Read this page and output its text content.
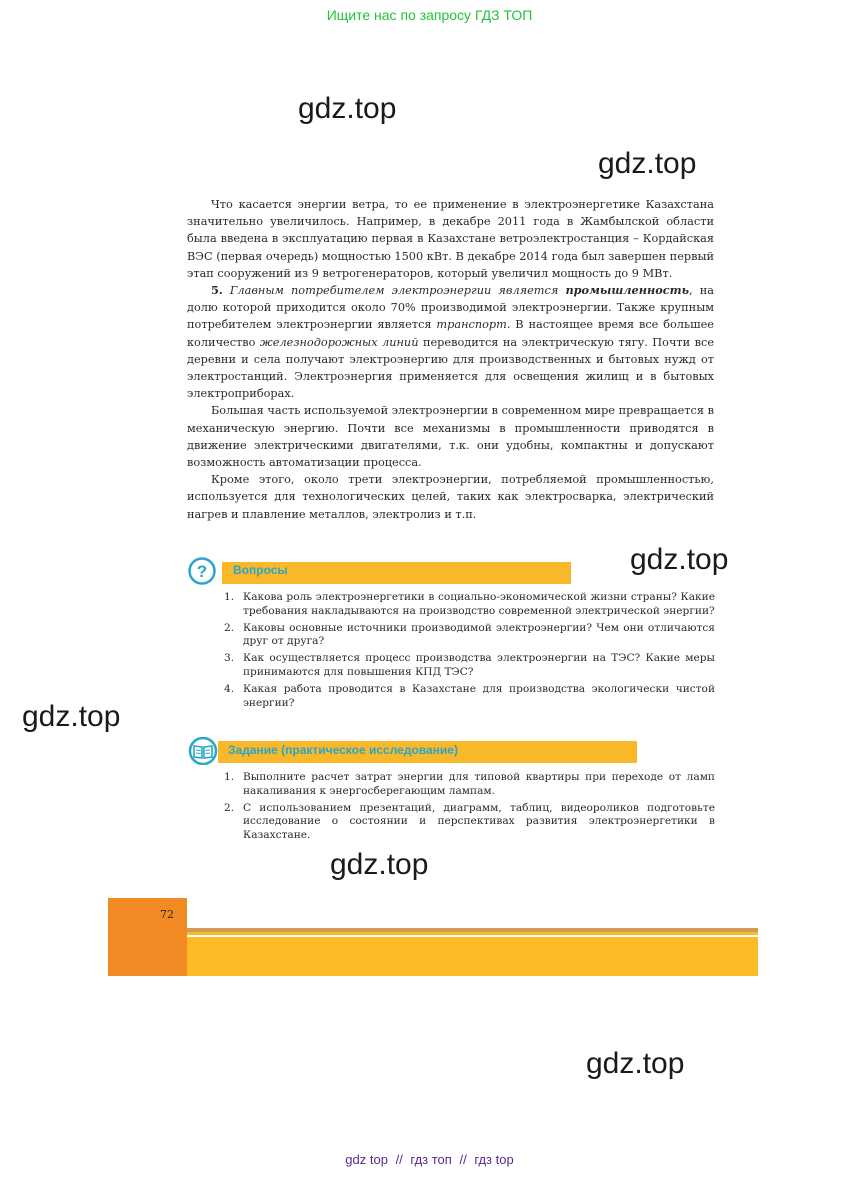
Ищите нас по запросу ГДЗ ТОП
gdz.top
gdz.top
gdz.top
gdz.top
gdz.top
gdz.top

Что касается энергии ветра, то ее применение в электроэнергетике Казахстана значительно увеличилось. Например, в декабре 2011 года в Жамбылской области была введена в эксплуатацию первая в Казахстане ветроэлектростанция – Кордайская ВЭС (первая очередь) мощностью 1500 кВт. В декабре 2014 года был завершен первый этап сооружений из 9 ветрогенераторов, который увеличил мощность до 9 МВт.

5. Главным потребителем электроэнергии является промышленность, на долю которой приходится около 70% производимой электроэнергии. Также крупным потребителем электроэнергии является транспорт. В настоящее время все большее количество железнодорожных линий переводится на электрическую тягу. Почти все деревни и села получают электроэнергию для производственных и бытовых нужд от электростанций. Электроэнергия применяется для освещения жилищ и в бытовых электроприборах.

Большая часть используемой электроэнергии в современном мире превращается в механическую энергию. Почти все механизмы в промышленности приводятся в движение электрическими двигателями, т.к. они удобны, компактны и допускают возможность автоматизации процесса.

Кроме этого, около трети электроэнергии, потребляемой промышленностью, используется для технологических целей, таких как электросварка, электрический нагрев и плавление металлов, электролиз и т.п.

? Вопросы
1. Какова роль электроэнергетики в социально-экономической жизни страны? Какие требования накладываются на производство современной электрической энергии?
2. Каковы основные источники производимой электроэнергии? Чем они отличаются друг от друга?
3. Как осуществляется процесс производства электроэнергии на ТЭС? Какие меры принимаются для повышения КПД ТЭС?
4. Какая работа проводится в Казахстане для производства экологически чистой энергии?
Задание (практическое исследование)
1. Выполните расчет затрат энергии для типовой квартиры при переходе от ламп накаливания к энергосберегающим лампам.
2. С использованием презентаций, диаграмм, таблиц, видеороликов подготовьте исследование о состоянии и перспективах развития электроэнергетики в Казахстане.
72
gdz top // гдз топ // гдз top
